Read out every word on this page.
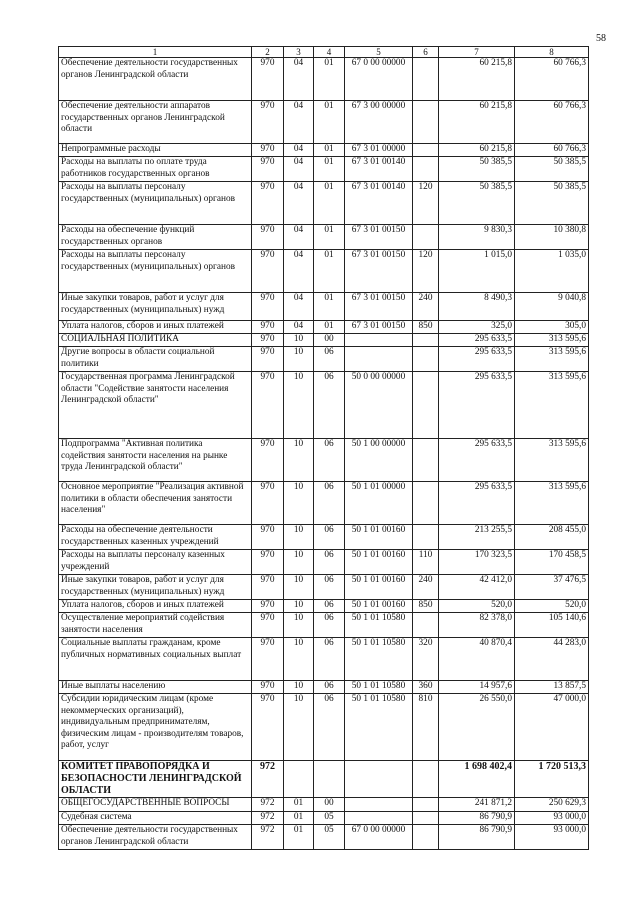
58
1	2	3	4	5	6	7	8
Обеспечение деятельности государственных органов Ленинградской области	970	04	01	67 0 00 00000		60 215,8	60 766,3
Обеспечение деятельности аппаратов государственных органов Ленинградской области	970	04	01	67 3 00 00000		60 215,8	60 766,3
Непрограммные расходы	970	04	01	67 3 01 00000		60 215,8	60 766,3
Расходы на выплаты по оплате труда работников государственных органов	970	04	01	67 3 01 00140		50 385,5	50 385,5
Расходы на выплаты персоналу государственных (муниципальных) органов	970	04	01	67 3 01 00140	120	50 385,5	50 385,5
Расходы на обеспечение функций государственных органов	970	04	01	67 3 01 00150		9 830,3	10 380,8
Расходы на выплаты персоналу государственных (муниципальных) органов	970	04	01	67 3 01 00150	120	1 015,0	1 035,0
Иные закупки товаров, работ и услуг для государственных (муниципальных) нужд	970	04	01	67 3 01 00150	240	8 490,3	9 040,8
Уплата налогов, сборов и иных платежей	970	04	01	67 3 01 00150	850	325,0	305,0
СОЦИАЛЬНАЯ ПОЛИТИКА	970	10	00			295 633,5	313 595,6
Другие вопросы в области социальной политики	970	10	06			295 633,5	313 595,6
Государственная программа Ленинградской области "Содействие занятости населения Ленинградской области"	970	10	06	50 0 00 00000		295 633,5	313 595,6
Подпрограмма "Активная политика содействия занятости населения на рынке труда Ленинградской области"	970	10	06	50 1 00 00000		295 633,5	313 595,6
Основное мероприятие "Реализация активной политики в области обеспечения занятости населения"	970	10	06	50 1 01 00000		295 633,5	313 595,6
Расходы на обеспечение деятельности государственных казенных учреждений	970	10	06	50 1 01 00160		213 255,5	208 455,0
Расходы на выплаты персоналу казенных учреждений	970	10	06	50 1 01 00160	110	170 323,5	170 458,5
Иные закупки товаров, работ и услуг для государственных (муниципальных) нужд	970	10	06	50 1 01 00160	240	42 412,0	37 476,5
Уплата налогов, сборов и иных платежей	970	10	06	50 1 01 00160	850	520,0	520,0
Осуществление мероприятий содействия занятости населения	970	10	06	50 1 01 10580		82 378,0	105 140,6
Социальные выплаты гражданам, кроме публичных нормативных социальных выплат	970	10	06	50 1 01 10580	320	40 870,4	44 283,0
Иные выплаты населению	970	10	06	50 1 01 10580	360	14 957,6	13 857,5
Субсидии юридическим лицам (кроме некоммерческих организаций), индивидуальным предпринимателям, физическим лицам - производителям товаров, работ, услуг	970	10	06	50 1 01 10580	810	26 550,0	47 000,0
КОМИТЕТ ПРАВОПОРЯДКА И БЕЗОПАСНОСТИ ЛЕНИНГРАДСКОЙ ОБЛАСТИ	972					1 698 402,4	1 720 513,3
ОБЩЕГОСУДАРСТВЕННЫЕ ВОПРОСЫ	972	01	00			241 871,2	250 629,3
Судебная система	972	01	05			86 790,9	93 000,0
Обеспечение деятельности государственных органов Ленинградской области	972	01	05	67 0 00 00000		86 790,9	93 000,0
